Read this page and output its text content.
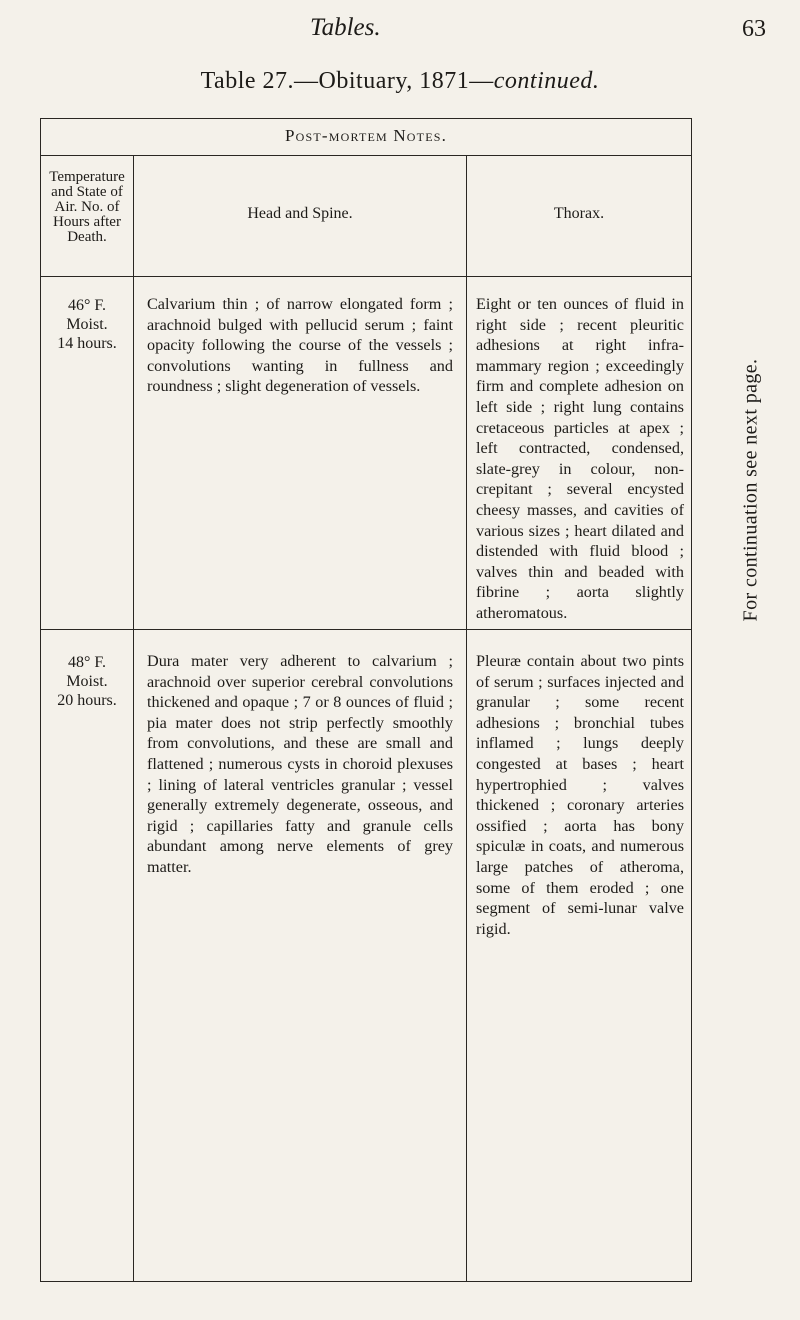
Tables.	63
Table 27.—Obituary, 1871—continued.
Post-mortem Notes.
Temperature and State of Air. No. of Hours after Death.
Head and Spine.	Thorax.
46° F.
Moist.
14 hours.
Calvarium thin ; of narrow elongated form ; arachnoid bulged with pellucid serum ; faint opacity following the course of the vessels ; convolutions wanting in fullness and roundness ; slight degeneration of vessels.
Eight or ten ounces of fluid in right side ; recent pleuritic adhesions at right infra-mammary region ; exceedingly firm and complete adhesion on left side ; right lung contains cretaceous particles at apex ; left contracted, condensed, slate-grey in colour, non-crepitant ; several encysted cheesy masses, and cavities of various sizes ; heart dilated and distended with fluid blood ; valves thin and beaded with fibrine ; aorta slightly atheromatous.
48° F.
Moist.
20 hours.
Dura mater very adherent to calvarium ; arachnoid over superior cerebral convolutions thickened and opaque ; 7 or 8 ounces of fluid ; pia mater does not strip perfectly smoothly from convolutions, and these are small and flattened ; numerous cysts in choroid plexuses ; lining of lateral ventricles granular ; vessel generally extremely degenerate, osseous, and rigid ; capillaries fatty and granule cells abundant among nerve elements of grey matter.
Pleuræ contain about two pints of serum ; surfaces injected and granular ; some recent adhesions ; bronchial tubes inflamed ; lungs deeply congested at bases ; heart hypertrophied ; valves thickened ; coronary arteries ossified ; aorta has bony spiculæ in coats, and numerous large patches of atheroma, some of them eroded ; one segment of semi-lunar valve rigid.
For continuation see next page.
